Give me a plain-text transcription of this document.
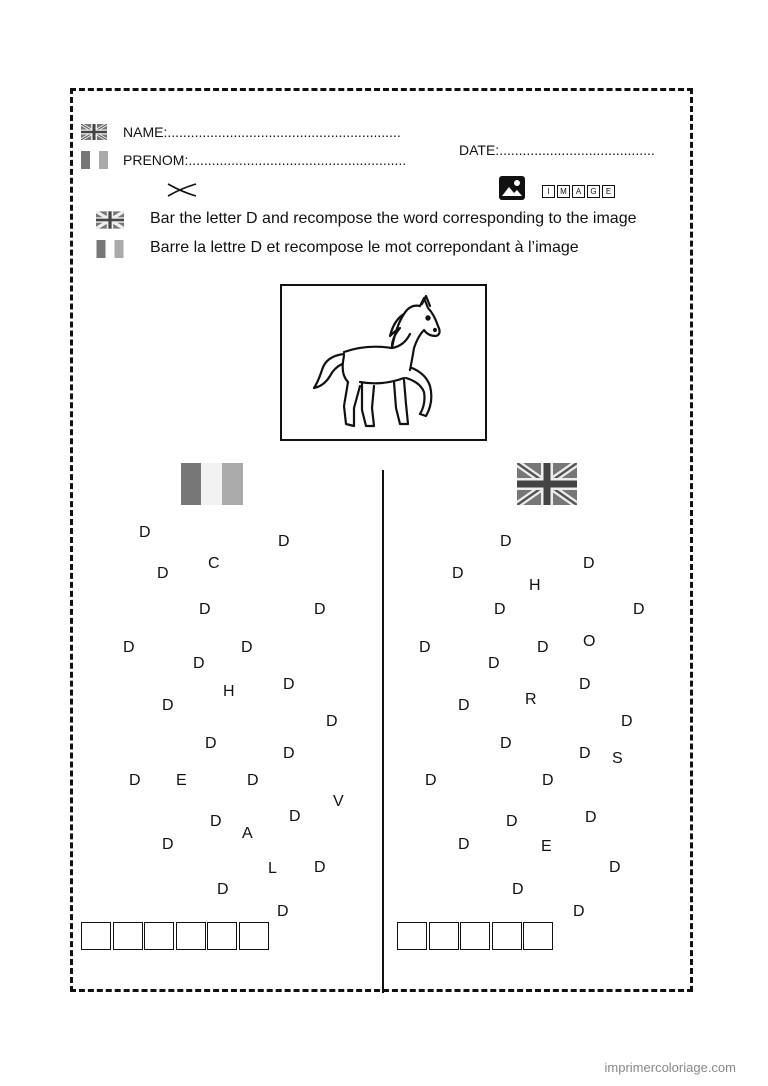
NAME:............................................................
PRENOM:........................................................
DATE:........................................
I	M	A	G	E
Bar the letter D and recompose the word corresponding to the image
Barre la lettre D et recompose le mot correpondant à l’image
D
D
C
D
D	D
D	D
D
H	D
D
D
D
D
D E	D
V
D	D
A
D
L D
D
D
D
D
D
H
D	D
O
D	D
D
D
R
D
D
D
D S
D	D
D
D
D	E
D
D
D
imprimercoloriage.com
